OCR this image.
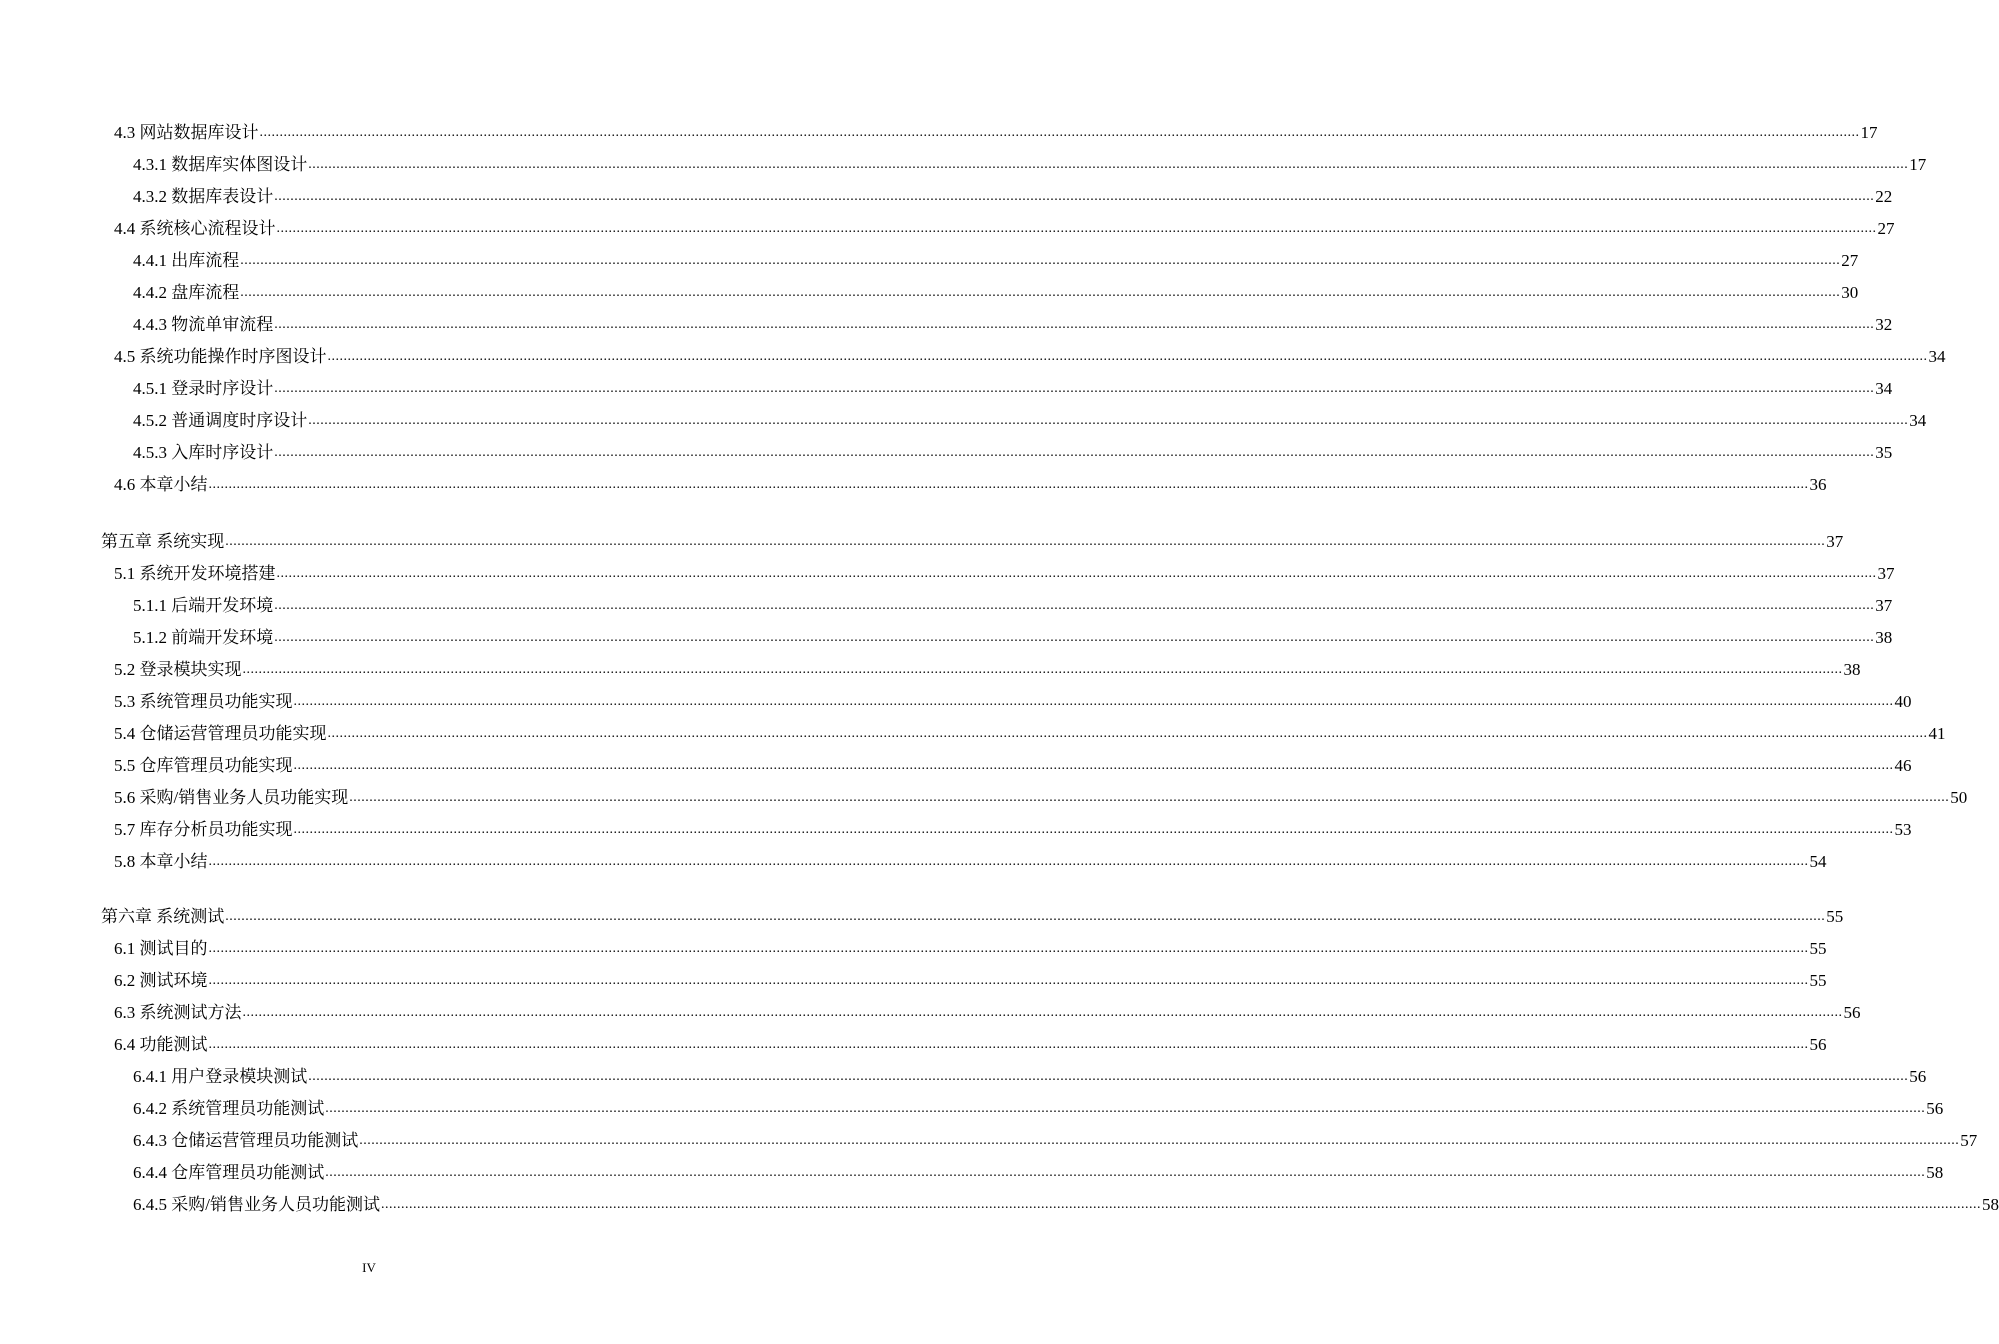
4.3 网站数据库设计 ................................................................................................................................................................................................................................................................................................................................................................................................................ 17
4.3.1 数据库实体图设计 ................................................................................................................................................................................................................................................................................................................................................................................................................ 17
4.3.2 数据库表设计 ................................................................................................................................................................................................................................................................................................................................................................................................................ 22
4.4 系统核心流程设计 ................................................................................................................................................................................................................................................................................................................................................................................................................ 27
4.4.1 出库流程 ................................................................................................................................................................................................................................................................................................................................................................................................................ 27
4.4.2 盘库流程 ................................................................................................................................................................................................................................................................................................................................................................................................................ 30
4.4.3 物流单审流程 ................................................................................................................................................................................................................................................................................................................................................................................................................ 32
4.5 系统功能操作时序图设计 ................................................................................................................................................................................................................................................................................................................................................................................................................ 34
4.5.1 登录时序设计 ................................................................................................................................................................................................................................................................................................................................................................................................................ 34
4.5.2 普通调度时序设计 ................................................................................................................................................................................................................................................................................................................................................................................................................ 34
4.5.3 入库时序设计 ................................................................................................................................................................................................................................................................................................................................................................................................................ 35
4.6 本章小结 ................................................................................................................................................................................................................................................................................................................................................................................................................ 36
第五章 系统实现 ................................................................................................................................................................................................................................................................................................................................................................................................................ 37
5.1 系统开发环境搭建 ................................................................................................................................................................................................................................................................................................................................................................................................................ 37
5.1.1 后端开发环境 ................................................................................................................................................................................................................................................................................................................................................................................................................ 37
5.1.2 前端开发环境 ................................................................................................................................................................................................................................................................................................................................................................................................................ 38
5.2 登录模块实现 ................................................................................................................................................................................................................................................................................................................................................................................................................ 38
5.3 系统管理员功能实现 ................................................................................................................................................................................................................................................................................................................................................................................................................ 40
5.4 仓储运营管理员功能实现 ................................................................................................................................................................................................................................................................................................................................................................................................................ 41
5.5 仓库管理员功能实现 ................................................................................................................................................................................................................................................................................................................................................................................................................ 46
5.6 采购/销售业务人员功能实现 ................................................................................................................................................................................................................................................................................................................................................................................................................ 50
5.7 库存分析员功能实现 ................................................................................................................................................................................................................................................................................................................................................................................................................ 53
5.8 本章小结 ................................................................................................................................................................................................................................................................................................................................................................................................................ 54
第六章 系统测试 ................................................................................................................................................................................................................................................................................................................................................................................................................ 55
6.1 测试目的 ................................................................................................................................................................................................................................................................................................................................................................................................................ 55
6.2 测试环境 ................................................................................................................................................................................................................................................................................................................................................................................................................ 55
6.3 系统测试方法 ................................................................................................................................................................................................................................................................................................................................................................................................................ 56
6.4 功能测试 ................................................................................................................................................................................................................................................................................................................................................................................................................ 56
6.4.1 用户登录模块测试 ................................................................................................................................................................................................................................................................................................................................................................................................................ 56
6.4.2 系统管理员功能测试 ................................................................................................................................................................................................................................................................................................................................................................................................................ 56
6.4.3 仓储运营管理员功能测试 ................................................................................................................................................................................................................................................................................................................................................................................................................ 57
6.4.4 仓库管理员功能测试 ................................................................................................................................................................................................................................................................................................................................................................................................................ 58
6.4.5 采购/销售业务人员功能测试 ................................................................................................................................................................................................................................................................................................................................................................................................................ 58
IV
